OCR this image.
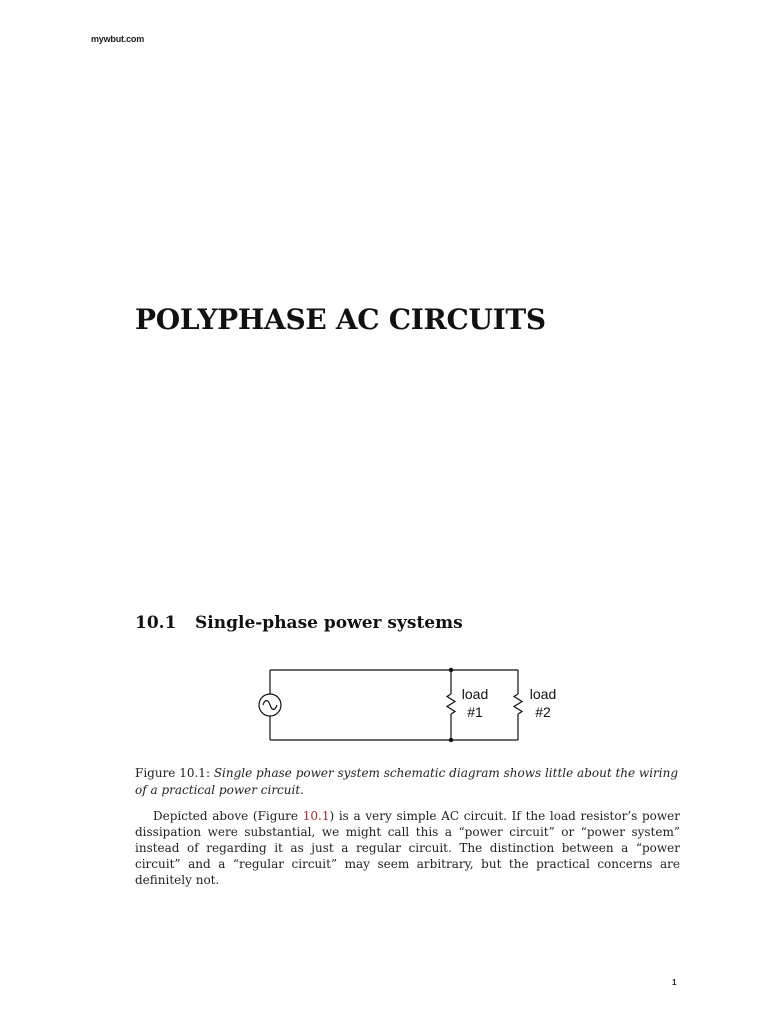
mywbut.com
POLYPHASE AC CIRCUITS
10.1 Single-phase power systems
load
#1
load
#2

Figure 10.1: Single phase power system schematic diagram shows little about the wiring of a practical power circuit.

Depicted above (Figure 10.1) is a very simple AC circuit. If the load resistor’s power dissipation were substantial, we might call this a “power circuit” or “power system” instead of regarding it as just a regular circuit. The distinction between a “power circuit” and a “regular circuit” may seem arbitrary, but the practical concerns are definitely not.

1
